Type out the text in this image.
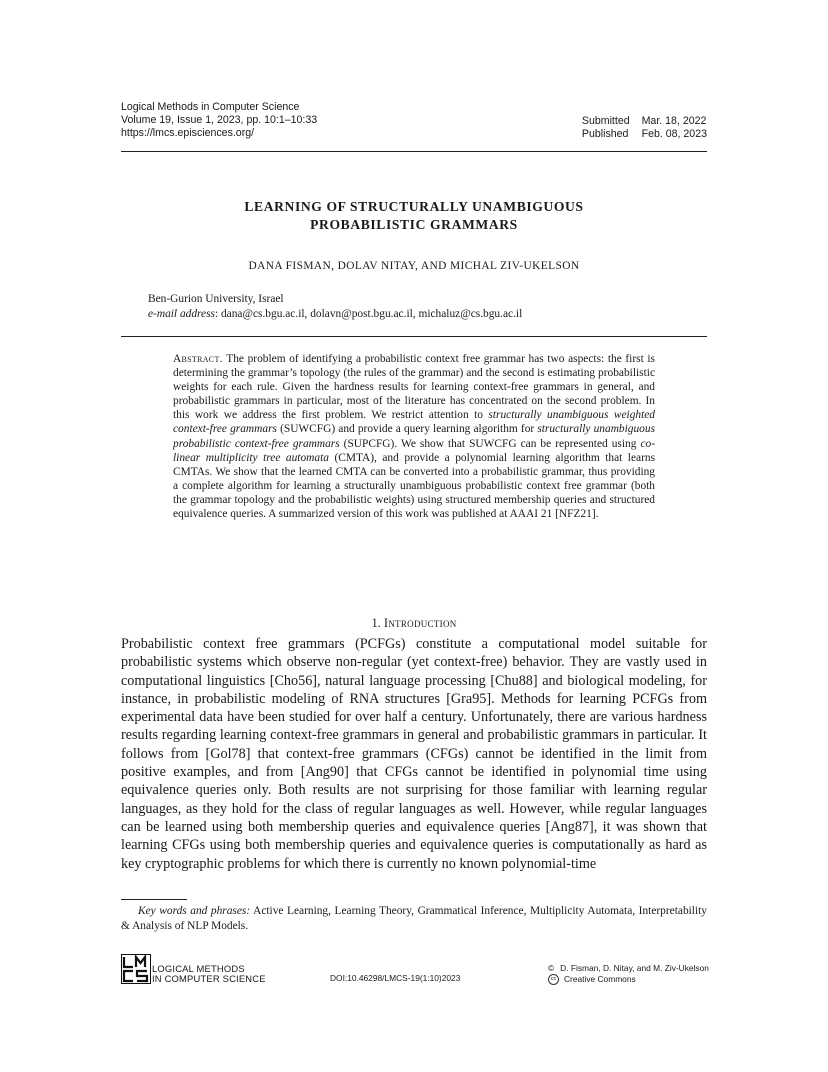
Logical Methods in Computer Science
Volume 19, Issue 1, 2023, pp. 10:1–10:33
https://lmcs.episciences.org/
Submitted Mar. 18, 2022
Published Feb. 08, 2023
LEARNING OF STRUCTURALLY UNAMBIGUOUS
PROBABILISTIC GRAMMARS
DANA FISMAN, DOLAV NITAY, AND MICHAL ZIV-UKELSON
Ben-Gurion University, Israel
e-mail address: dana@cs.bgu.ac.il, dolavn@post.bgu.ac.il, michaluz@cs.bgu.ac.il
Abstract. The problem of identifying a probabilistic context free grammar has two aspects: the first is determining the grammar’s topology (the rules of the grammar) and the second is estimating probabilistic weights for each rule. Given the hardness results for learning context-free grammars in general, and probabilistic grammars in particular, most of the literature has concentrated on the second problem. In this work we address the first problem. We restrict attention to structurally unambiguous weighted context-free grammars (SUWCFG) and provide a query learning algorithm for structurally unambiguous probabilistic context-free grammars (SUPCFG). We show that SUWCFG can be represented using co-linear multiplicity tree automata (CMTA), and provide a polynomial learning algorithm that learns CMTAs. We show that the learned CMTA can be converted into a probabilistic grammar, thus providing a complete algorithm for learning a structurally unambiguous probabilistic context free grammar (both the grammar topology and the probabilistic weights) using structured membership queries and structured equivalence queries. A summarized version of this work was published at AAAI 21 [NFZ21].
1. Introduction
Probabilistic context free grammars (PCFGs) constitute a computational model suitable for probabilistic systems which observe non-regular (yet context-free) behavior. They are vastly used in computational linguistics [Cho56], natural language processing [Chu88] and biological modeling, for instance, in probabilistic modeling of RNA structures [Gra95]. Methods for learning PCFGs from experimental data have been studied for over half a century. Unfortunately, there are various hardness results regarding learning context-free grammars in general and probabilistic grammars in particular. It follows from [Gol78] that context-free grammars (CFGs) cannot be identified in the limit from positive examples, and from [Ang90] that CFGs cannot be identified in polynomial time using equivalence queries only. Both results are not surprising for those familiar with learning regular languages, as they hold for the class of regular languages as well. However, while regular languages can be learned using both membership queries and equivalence queries [Ang87], it was shown that learning CFGs using both membership queries and equivalence queries is computationally as hard as key cryptographic problems for which there is currently no known polynomial-time
Key words and phrases: Active Learning, Learning Theory, Grammatical Inference, Multiplicity Automata, Interpretability & Analysis of NLP Models.
LOGICAL METHODS
IN COMPUTER SCIENCE	DOI:10.46298/LMCS-19(1:10)2023
© D. Fisman, D. Nitay, and M. Ziv-Ukelson
cc Creative Commons
